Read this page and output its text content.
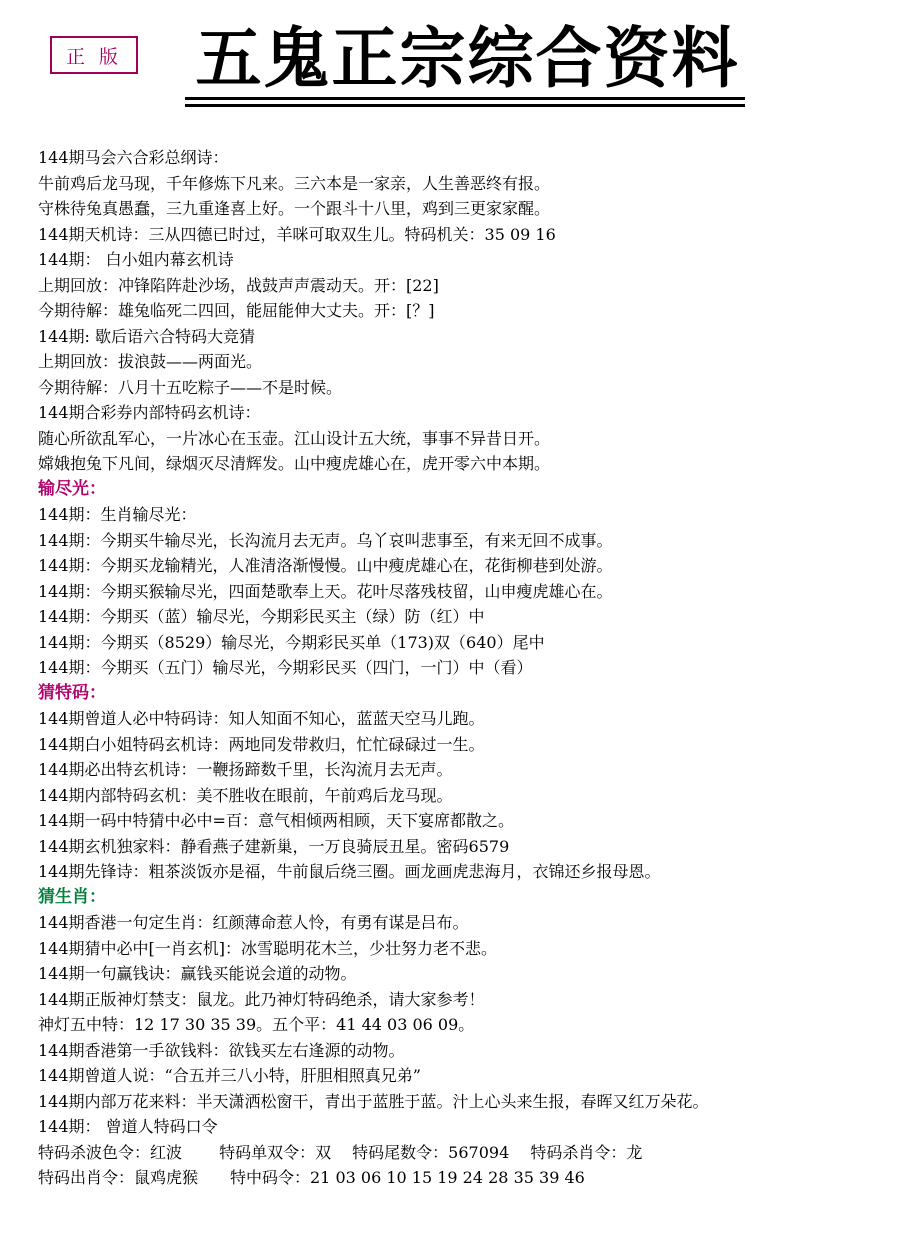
正 版 五鬼正宗综合资料
144期马会六合彩总纲诗：
牛前鸡后龙马现，千年修炼下凡来。三六本是一家亲，人生善恶终有报。
守株待兔真愚蠢，三九重逢喜上好。一个跟斗十八里，鸡到三更家家醒。
144期天机诗：三从四德已时过，羊咪可取双生儿。特码机关：35 09 16
144期： 白小姐内幕玄机诗
上期回放：冲锋陷阵赴沙场，战鼓声声震动天。开：[22]
今期待解：雄兔临死二四回，能屈能伸大丈夫。开：[？]
144期: 歇后语六合特码大竞猜
上期回放：拔浪鼓——两面光。
今期待解：八月十五吃粽子——不是时候。
144期合彩券内部特码玄机诗：
随心所欲乱军心，一片冰心在玉壶。江山设计五大统，事事不异昔日开。
嫦娥抱兔下凡间，绿烟灭尽清辉发。山中瘦虎雄心在，虎开零六中本期。
输尽光：
144期：生肖输尽光：
144期：今期买牛输尽光，长沟流月去无声。乌丫哀叫悲事至，有来无回不成事。
144期：今期买龙输精光，人准清洛渐慢慢。山中瘦虎雄心在，花街柳巷到处游。
144期：今期买猴输尽光，四面楚歌奉上天。花叶尽落残枝留，山申瘦虎雄心在。
144期：今期买（蓝）输尽光，今期彩民买主（绿）防（红）中
144期：今期买（8529）输尽光，今期彩民买单（173)双（640）尾中
144期：今期买（五门）输尽光，今期彩民买（四门，一门）中（看）
猜特码：
144期曾道人必中特码诗：知人知面不知心，蓝蓝天空马儿跑。
144期白小姐特码玄机诗：两地同发带救归，忙忙碌碌过一生。
144期必出特玄机诗：一鞭扬蹄数千里，长沟流月去无声。
144期内部特码玄机：美不胜收在眼前，午前鸡后龙马现。
144期一码中特猜中必中=百：意气相倾两相顾，天下宴席都散之。
144期玄机独家料：静看燕子建新巢，一万良骑辰丑星。密码6579
144期先锋诗：粗茶淡饭亦是福，牛前鼠后绕三圈。画龙画虎悲海月，衣锦还乡报母恩。
猜生肖：
144期香港一句定生肖：红颜薄命惹人怜，有勇有谋是吕布。
144期猜中必中[一肖玄机]：冰雪聪明花木兰，少壮努力老不悲。
144期一句赢钱诀：赢钱买能说会道的动物。
144期正版神灯禁支：鼠龙。此乃神灯特码绝杀，请大家参考！
神灯五中特：12 17 30 35 39。五个平：41 44 03 06 09。
144期香港第一手欲钱料：欲钱买左右逢源的动物。
144期曾道人说：“合五并三八小特，肝胆相照真兄弟”
144期内部万花来料：半天潇洒松窗干，青出于蓝胜于蓝。汁上心头来生报，春晖又红万朵花。
144期： 曾道人特码口令
特码杀波色令：红波　　 特码单双令：双　 特码尾数令：567094　 特码杀肖令：龙
特码出肖令：鼠鸡虎猴　　特中码令：21 03 06 10 15 19 24 28 35 39 46
